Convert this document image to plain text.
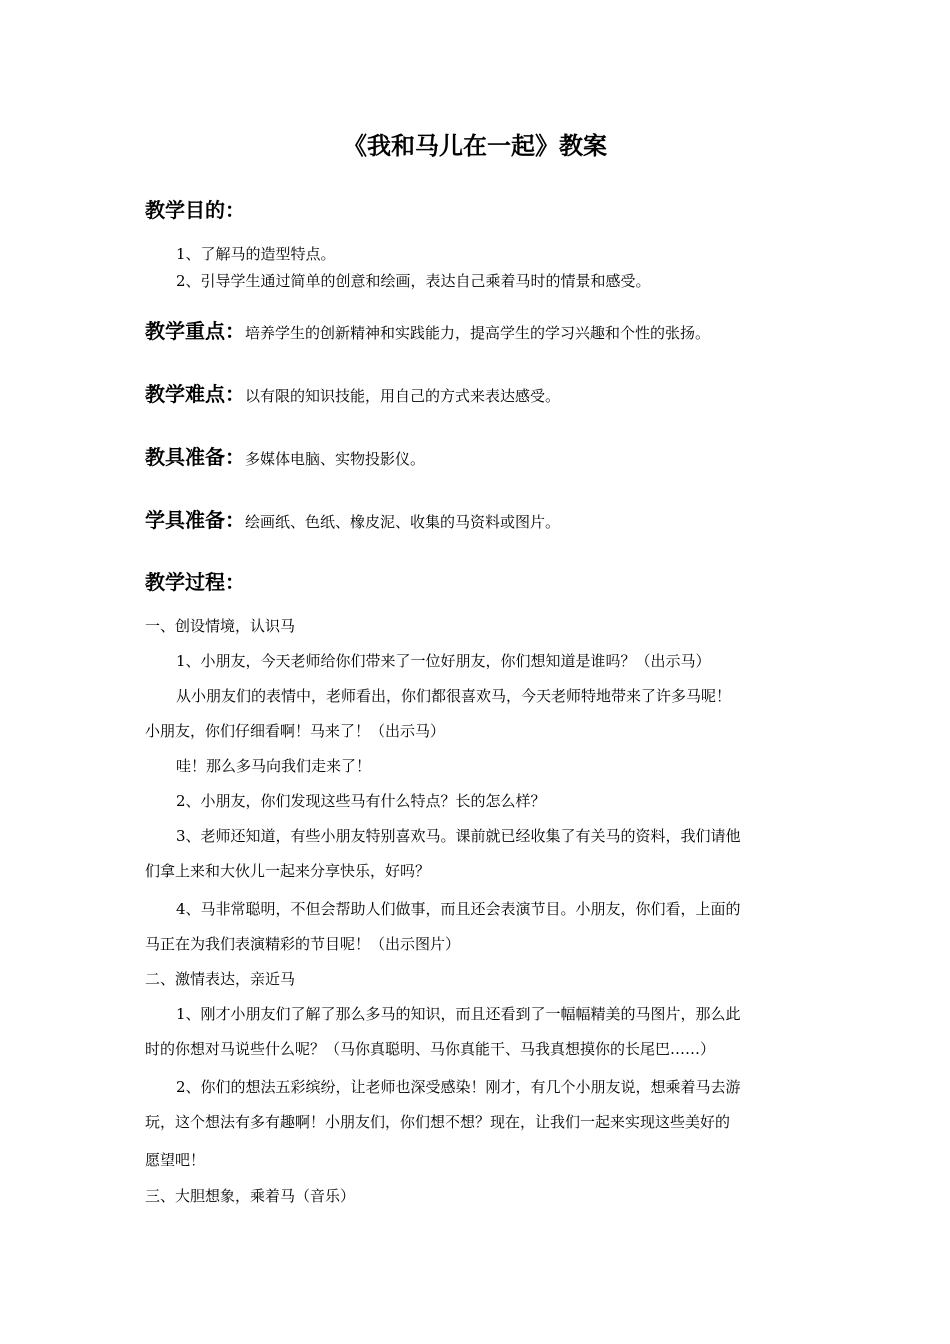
《我和马儿在一起》教案
教学目的：
1、了解马的造型特点。
2、引导学生通过简单的创意和绘画，表达自己乘着马时的情景和感受。
教学重点：培养学生的创新精神和实践能力，提高学生的学习兴趣和个性的张扬。
教学难点：以有限的知识技能，用自己的方式来表达感受。
教具准备：多媒体电脑、实物投影仪。
学具准备：绘画纸、色纸、橡皮泥、收集的马资料或图片。
教学过程：
一、创设情境，认识马
1、小朋友，今天老师给你们带来了一位好朋友，你们想知道是谁吗？（出示马）
从小朋友们的表情中，老师看出，你们都很喜欢马，今天老师特地带来了许多马呢！
小朋友，你们仔细看啊！马来了！（出示马）
哇！那么多马向我们走来了！
2、小朋友，你们发现这些马有什么特点？长的怎么样？
3、老师还知道，有些小朋友特别喜欢马。课前就已经收集了有关马的资料，我们请他
们拿上来和大伙儿一起来分享快乐，好吗？
4、马非常聪明，不但会帮助人们做事，而且还会表演节目。小朋友，你们看，上面的
马正在为我们表演精彩的节目呢！（出示图片）
二、激情表达，亲近马
1、刚才小朋友们了解了那么多马的知识，而且还看到了一幅幅精美的马图片，那么此
时的你想对马说些什么呢？（马你真聪明、马你真能干、马我真想摸你的长尾巴……）
2、你们的想法五彩缤纷，让老师也深受感染！刚才，有几个小朋友说，想乘着马去游
玩，这个想法有多有趣啊！小朋友们，你们想不想？现在，让我们一起来实现这些美好的
愿望吧！
三、大胆想象，乘着马（音乐）
